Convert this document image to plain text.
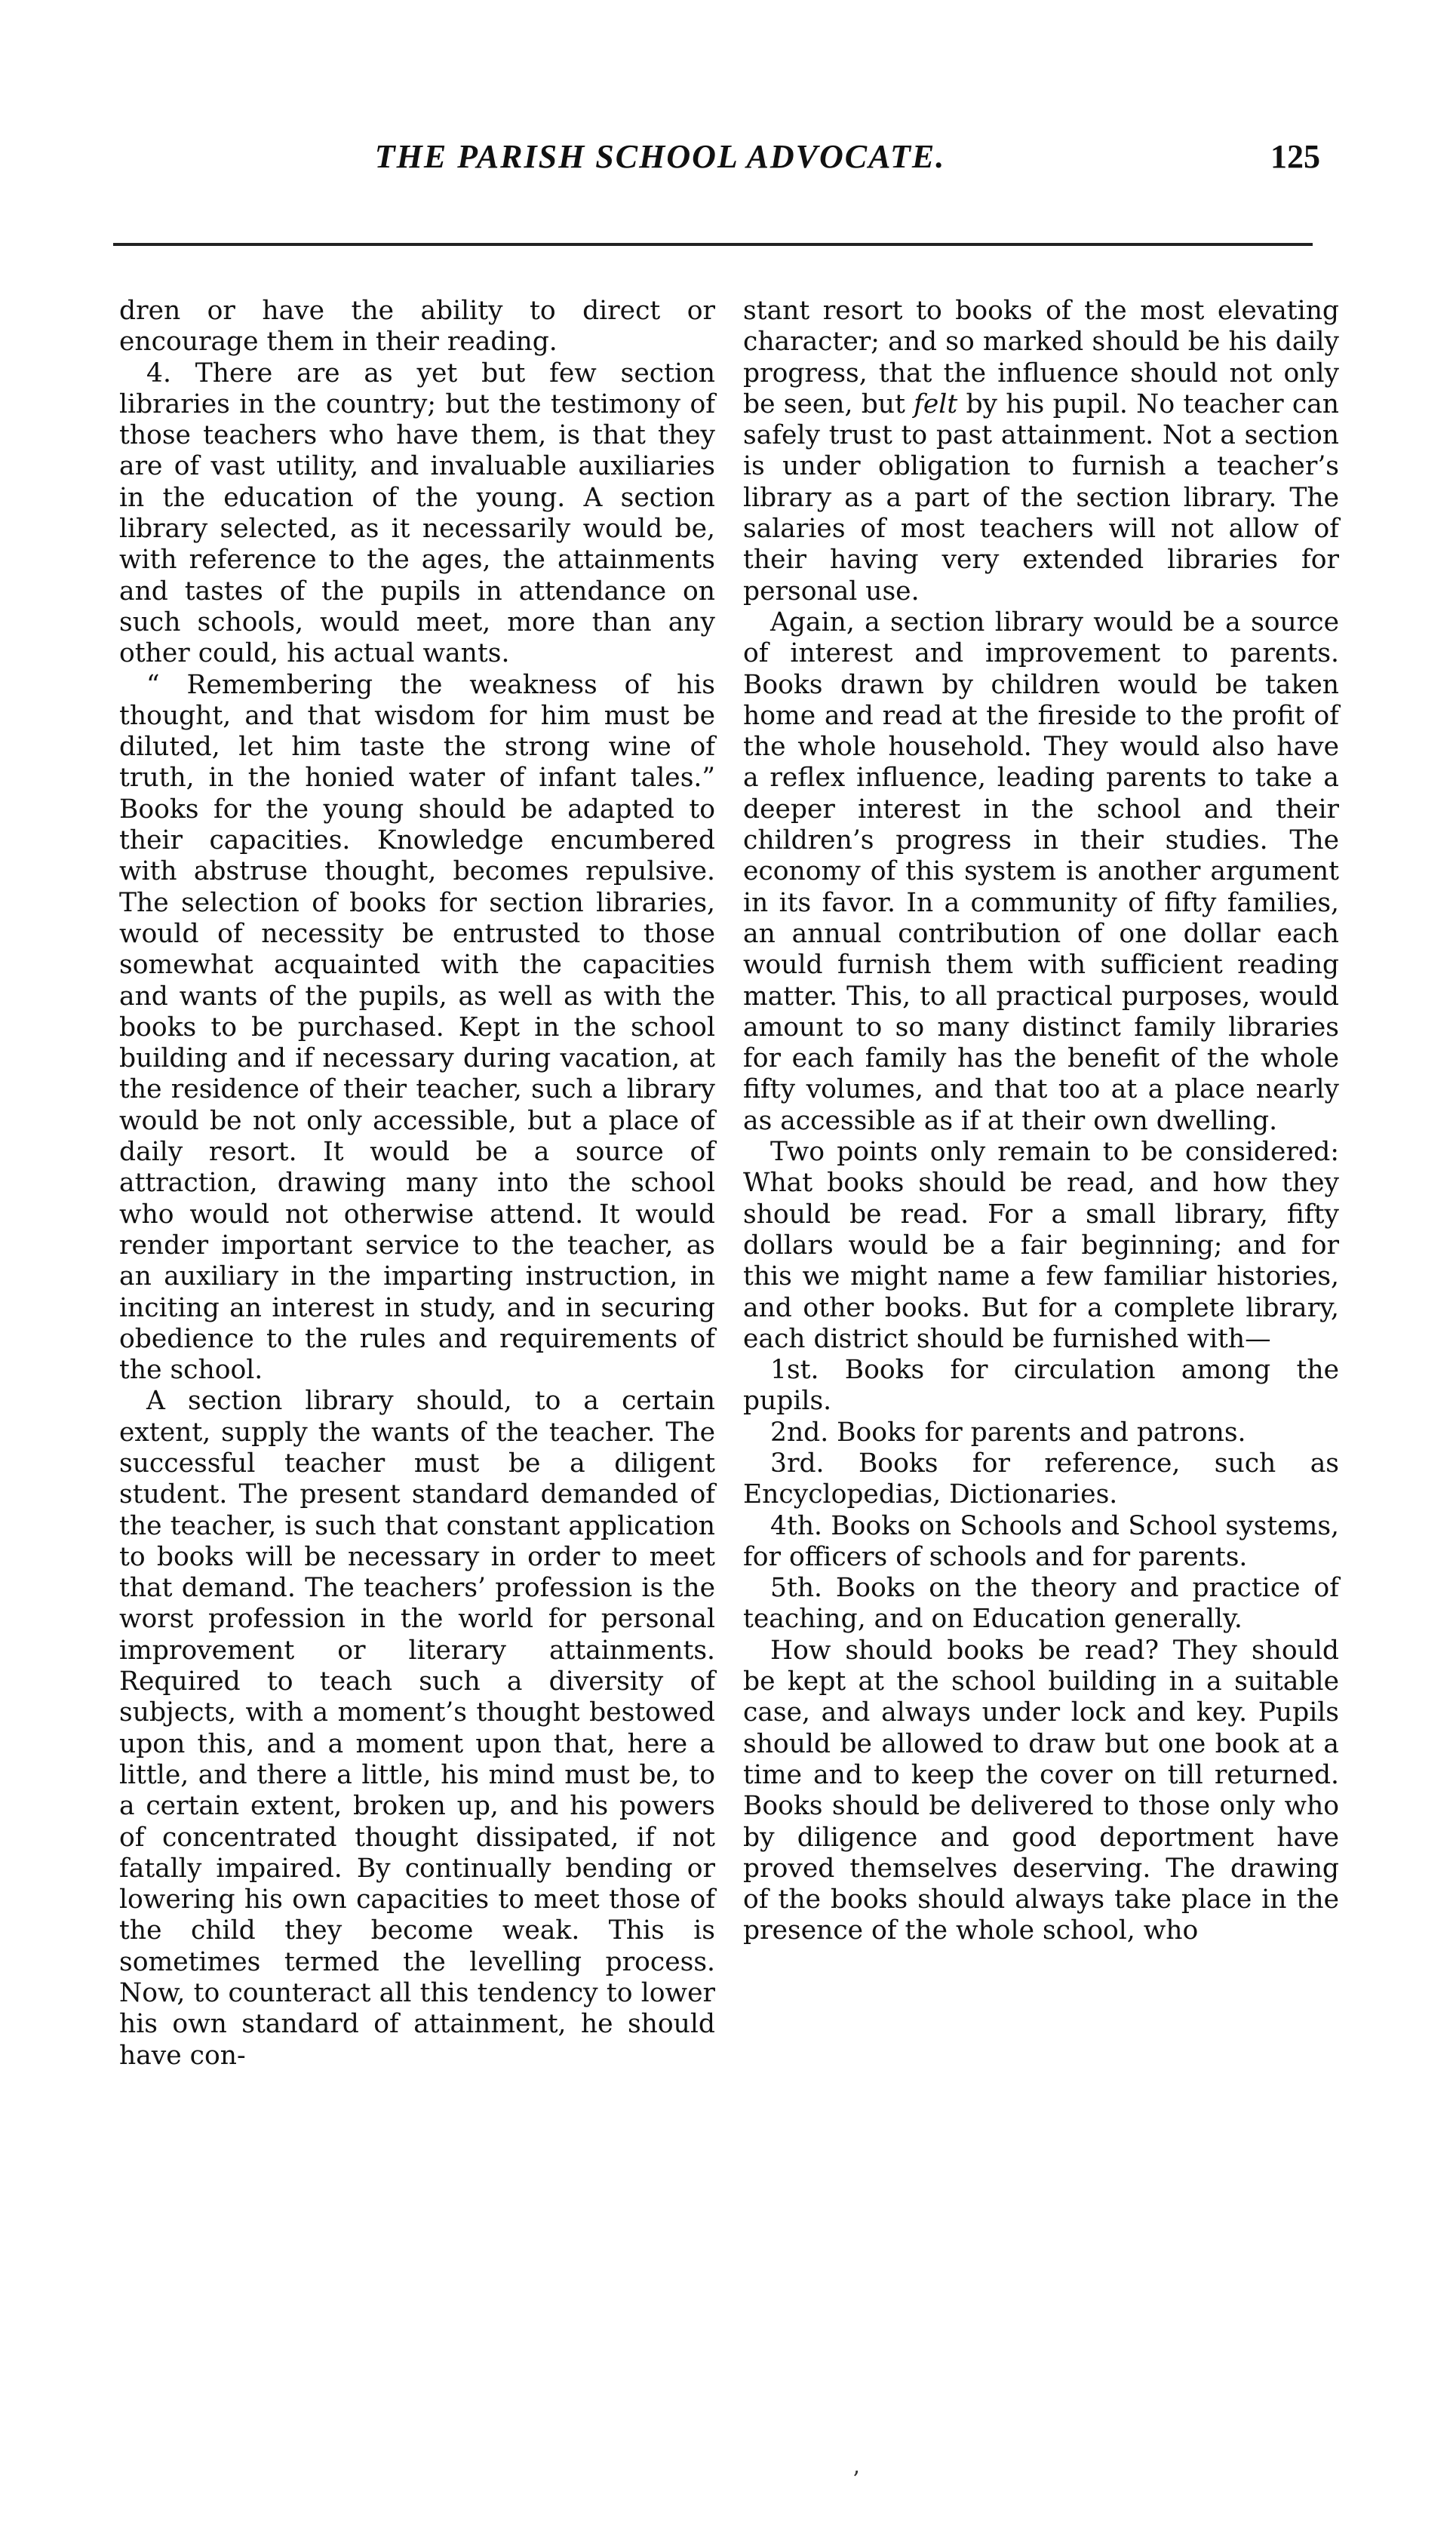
THE PARISH SCHOOL ADVOCATE.	125

dren or have the ability to direct or encourage them in their reading.

4. There are as yet but few section libraries in the country; but the testimony of those teachers who have them, is that they are of vast utility, and invaluable auxiliaries in the education of the young. A section library selected, as it necessarily would be, with reference to the ages, the attainments and tastes of the pupils in attendance on such schools, would meet, more than any other could, his actual wants.

“ Remembering the weakness of his thought, and that wisdom for him must be diluted, let him taste the strong wine of truth, in the honied water of infant tales.” Books for the young should be adapted to their capacities. Knowledge encumbered with abstruse thought, becomes repulsive. The selection of books for section libraries, would of necessity be entrusted to those somewhat acquainted with the capacities and wants of the pupils, as well as with the books to be purchased. Kept in the school building and if necessary during vacation, at the residence of their teacher, such a library would be not only accessible, but a place of daily resort. It would be a source of attraction, drawing many into the school who would not otherwise attend. It would render important service to the teacher, as an auxiliary in the imparting instruction, in inciting an interest in study, and in securing obedience to the rules and requirements of the school.

A section library should, to a certain extent, supply the wants of the teacher. The successful teacher must be a diligent student. The present standard demanded of the teacher, is such that constant application to books will be necessary in order to meet that demand. The teachers’ profession is the worst profession in the world for personal improvement or literary attainments. Required to teach such a diversity of subjects, with a moment’s thought bestowed upon this, and a moment upon that, here a little, and there a little, his mind must be, to a certain extent, broken up, and his powers of concentrated thought dissipated, if not fatally impaired. By continually bending or lowering his own capacities to meet those of the child they become weak. This is sometimes termed the levelling process. Now, to counteract all this tendency to lower his own standard of attainment, he should have con-

stant resort to books of the most elevating character; and so marked should be his daily progress, that the influence should not only be seen, but felt by his pupil. No teacher can safely trust to past attainment. Not a section is under obligation to furnish a teacher’s library as a part of the section library. The salaries of most teachers will not allow of their having very extended libraries for personal use.

Again, a section library would be a source of interest and improvement to parents. Books drawn by children would be taken home and read at the fireside to the profit of the whole household. They would also have a reflex influence, leading parents to take a deeper interest in the school and their children’s progress in their studies. The economy of this system is another argument in its favor. In a community of fifty families, an annual contribution of one dollar each would furnish them with sufficient reading matter. This, to all practical purposes, would amount to so many distinct family libraries for each family has the benefit of the whole fifty volumes, and that too at a place nearly as accessible as if at their own dwelling.

Two points only remain to be considered: What books should be read, and how they should be read. For a small library, fifty dollars would be a fair beginning; and for this we might name a few familiar histories, and other books. But for a complete library, each district should be furnished with—

1st. Books for circulation among the pupils.

2nd. Books for parents and patrons.

3rd. Books for reference, such as Encyclopedias, Dictionaries.

4th. Books on Schools and School systems, for officers of schools and for parents.

5th. Books on the theory and practice of teaching, and on Education generally.

How should books be read? They should be kept at the school building in a suitable case, and always under lock and key. Pupils should be allowed to draw but one book at a time and to keep the cover on till returned. Books should be delivered to those only who by diligence and good deportment have proved themselves deserving. The drawing of the books should always take place in the presence of the whole school, who

’
